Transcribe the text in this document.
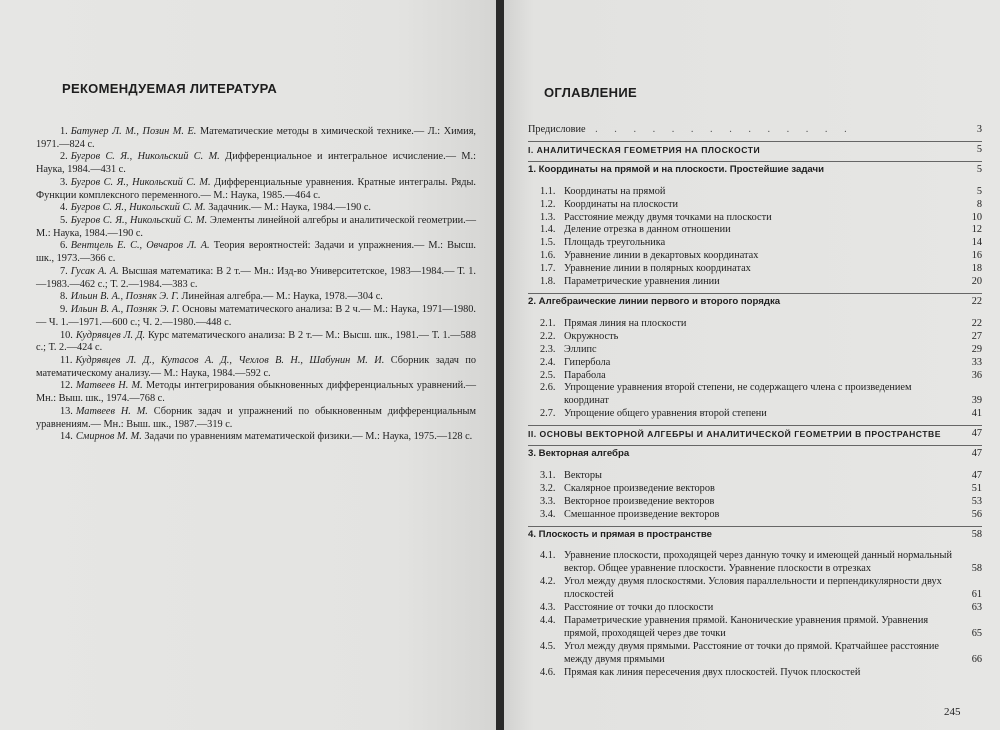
РЕКОМЕНДУЕМАЯ ЛИТЕРАТУРА

1. Батунер Л. М., Позин М. Е. Математические методы в химической технике.— Л.: Химия, 1971.—824 с.

2. Бугров С. Я., Никольский С. М. Дифференциальное и интегральное исчисление.— М.: Наука, 1984.—431 с.

3. Бугров С. Я., Никольский С. М. Дифференциальные уравнения. Кратные интегралы. Ряды. Функции комплексного переменного.— М.: Наука, 1985.—464 с.

4. Бугров С. Я., Никольский С. М. Задачник.— М.: Наука, 1984.—190 с.

5. Бугров С. Я., Никольский С. М. Элементы линейной алгебры и аналитической геометрии.— М.: Наука, 1984.—190 с.

6. Вентцель Е. С., Овчаров Л. А. Теория вероятностей: Задачи и упражнения.— М.: Высш. шк., 1973.—366 с.

7. Гусак А. А. Высшая математика: В 2 т.— Мн.: Изд-во Университетское, 1983—1984.— Т. 1.—1983.—462 с.; Т. 2.—1984.—383 с.

8. Ильин В. А., Позняк Э. Г. Линейная алгебра.— М.: Наука, 1978.—304 с.

9. Ильин В. А., Позняк Э. Г. Основы математического анализа: В 2 ч.— М.: Наука, 1971—1980.— Ч. 1.—1971.—600 с.; Ч. 2.—1980.—448 с.

10. Кудрявцев Л. Д. Курс математического анализа: В 2 т.— М.: Высш. шк., 1981.— Т. 1.—588 с.; Т. 2.—424 с.

11. Кудрявцев Л. Д., Кутасов А. Д., Чехлов В. Н., Шабунин М. И. Сборник задач по математическому анализу.— М.: Наука, 1984.—592 с.

12. Матвеев Н. М. Методы интегрирования обыкновенных дифференциальных уравнений.— Мн.: Выш. шк., 1974.—768 с.

13. Матвеев Н. М. Сборник задач и упражнений по обыкновенным дифференциальным уравнениям.— Мн.: Выш. шк., 1987.—319 с.

14. Смирнов М. М. Задачи по уравнениям математической физики.— М.: Наука, 1975.—128 с.

ОГЛАВЛЕНИЕ
Предисловие . . . . . . . . . . . . . .	3
I. АНАЛИТИЧЕСКАЯ ГЕОМЕТРИЯ НА ПЛОСКОСТИ	5
1. Координаты на прямой и на плоскости. Простейшие задачи	5
1.1. Координаты на прямой	5
1.2. Координаты на плоскости	8
1.3. Расстояние между двумя точками на плоскости	10
1.4. Деление отрезка в данном отношении	12
1.5. Площадь треугольника	14
1.6. Уравнение линии в декартовых координатах	16
1.7. Уравнение линии в полярных координатах	18
1.8. Параметрические уравнения линии	20
2. Алгебраические линии первого и второго порядка	22
2.1. Прямая линия на плоскости	22
2.2. Окружность	27
2.3. Эллипс	29
2.4. Гипербола	33
2.5. Парабола	36
2.6. Упрощение уравнения второй степени, не содержащего члена с произведением координат	39
2.7. Упрощение общего уравнения второй степени	41
II. ОСНОВЫ ВЕКТОРНОЙ АЛГЕБРЫ И АНАЛИТИЧЕСКОЙ ГЕОМЕТРИИ В ПРОСТРАНСТВЕ	47
3. Векторная алгебра	47
3.1. Векторы	47
3.2. Скалярное произведение векторов	51
3.3. Векторное произведение векторов	53
3.4. Смешанное произведение векторов	56
4. Плоскость и прямая в пространстве	58
4.1. Уравнение плоскости, проходящей через данную точку и имеющей данный нормальный вектор. Общее уравнение плоскости. Уравнение плоскости в отрезках	58
4.2. Угол между двумя плоскостями. Условия параллельности и перпендикулярности двух плоскостей	61
4.3. Расстояние от точки до плоскости	63
4.4. Параметрические уравнения прямой. Канонические уравнения прямой. Уравнения прямой, проходящей через две точки	65
4.5. Угол между двумя прямыми. Расстояние от точки до прямой. Кратчайшее расстояние между двумя прямыми	66
4.6. Прямая как линия пересечения двух плоскостей. Пучок плоскостей
245
